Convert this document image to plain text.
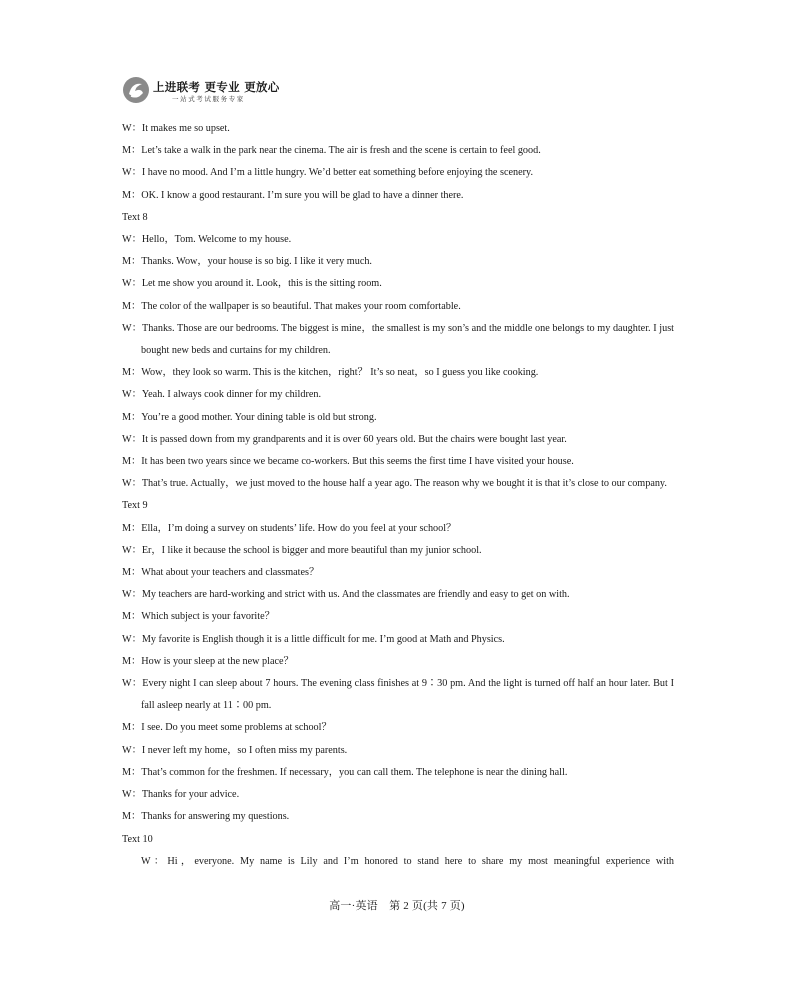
上进联考 更专业 更放心
一站式考试服务专家
W：It makes me so upset.
M：Let’s take a walk in the park near the cinema. The air is fresh and the scene is certain to feel good.
W：I have no mood. And I’m a little hungry. We’d better eat something before enjoying the scenery.
M：OK. I know a good restaurant. I’m sure you will be glad to have a dinner there.
Text 8
W：Hello，Tom. Welcome to my house.
M：Thanks. Wow，your house is so big. I like it very much.
W：Let me show you around it. Look，this is the sitting room.
M：The color of the wallpaper is so beautiful. That makes your room comfortable.
W：Thanks. Those are our bedrooms. The biggest is mine，the smallest is my son’s and the middle one belongs to my daughter. I just bought new beds and curtains for my children.
M：Wow，they look so warm. This is the kitchen，right？ It’s so neat，so I guess you like cooking.
W：Yeah. I always cook dinner for my children.
M：You’re a good mother. Your dining table is old but strong.
W：It is passed down from my grandparents and it is over 60 years old. But the chairs were bought last year.
M：It has been two years since we became co-workers. But this seems the first time I have visited your house.
W：That’s true. Actually，we just moved to the house half a year ago. The reason why we bought it is that it’s close to our company.
Text 9
M：Ella，I’m doing a survey on students’ life. How do you feel at your school？
W：Er，I like it because the school is bigger and more beautiful than my junior school.
M：What about your teachers and classmates？
W：My teachers are hard-working and strict with us. And the classmates are friendly and easy to get on with.
M：Which subject is your favorite？
W：My favorite is English though it is a little difficult for me. I’m good at Math and Physics.
M：How is your sleep at the new place？
W：Every night I can sleep about 7 hours. The evening class finishes at 9∶30 pm. And the light is turned off half an hour later. But I fall asleep nearly at 11∶00 pm.
M：I see. Do you meet some problems at school？
W：I never left my home，so I often miss my parents.
M：That’s common for the freshmen. If necessary，you can call them. The telephone is near the dining hall.
W：Thanks for your advice.
M：Thanks for answering my questions.
Text 10
W：Hi，everyone. My name is Lily and I’m honored to stand here to share my most meaningful experience with
高一·英语　第 2 页(共 7 页)
